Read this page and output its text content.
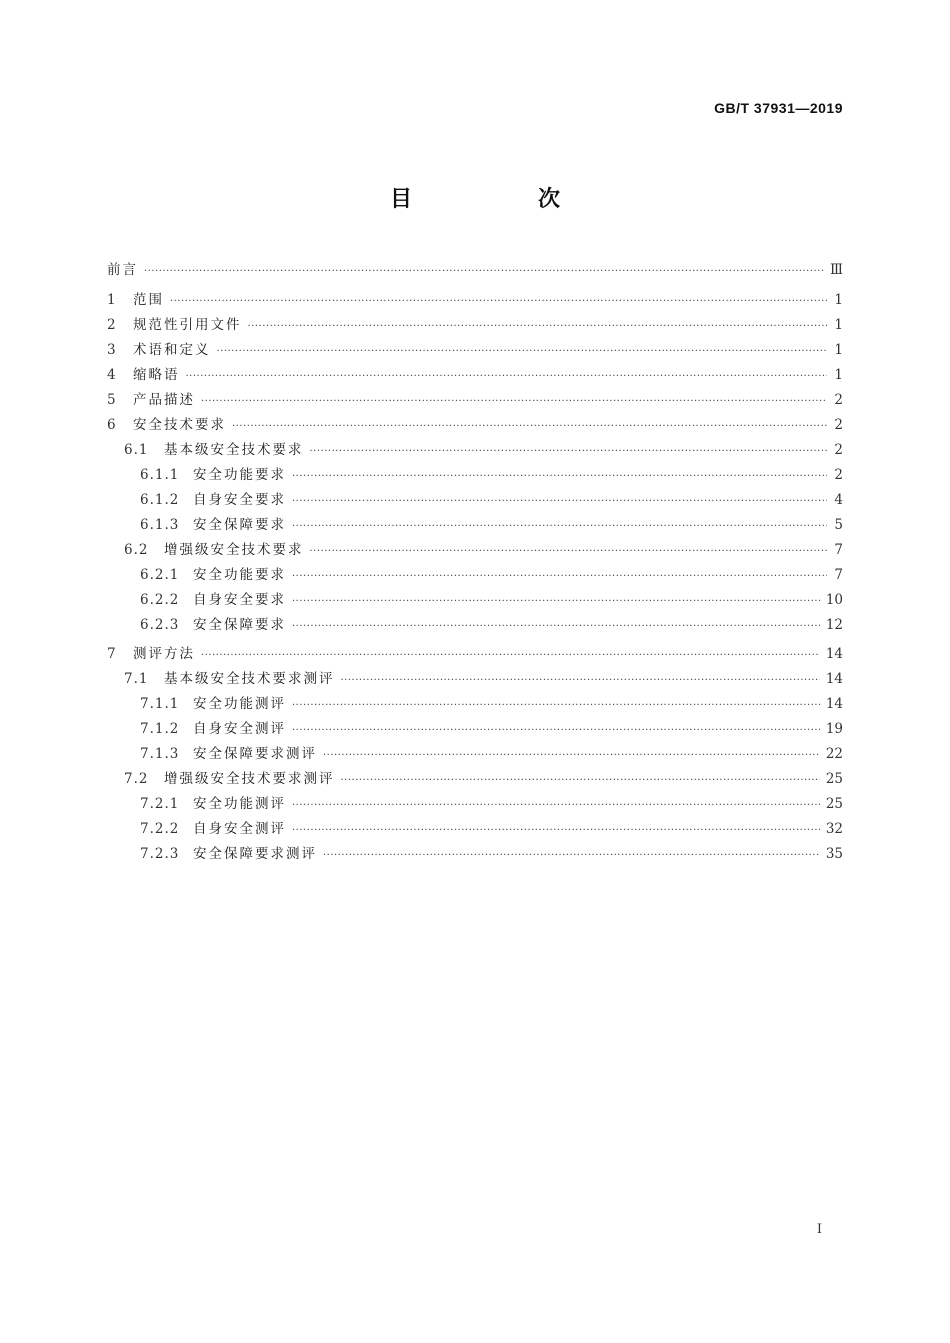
GB/T 37931—2019
目　次
前言 ·····	Ⅲ
1	范围 ·····	1
2	规范性引用文件 ·····	1
3	术语和定义 ·····	1
4	缩略语 ·····	1
5	产品描述 ·····	2
6	安全技术要求 ·····	2
6.1	基本级安全技术要求 ·····	2
6.1.1	安全功能要求 ·····	2
6.1.2	自身安全要求 ·····	4
6.1.3	安全保障要求 ·····	5
6.2	增强级安全技术要求 ·····	7
6.2.1	安全功能要求 ·····	7
6.2.2	自身安全要求 ·····	10
6.2.3	安全保障要求 ·····	12
7	测评方法 ·····	14
7.1	基本级安全技术要求测评 ·····	14
7.1.1	安全功能测评 ·····	14
7.1.2	自身安全测评 ·····	19
7.1.3	安全保障要求测评 ·····	22
7.2	增强级安全技术要求测评 ·····	25
7.2.1	安全功能测评 ·····	25
7.2.2	自身安全测评 ·····	32
7.2.3	安全保障要求测评 ·····	35
I
